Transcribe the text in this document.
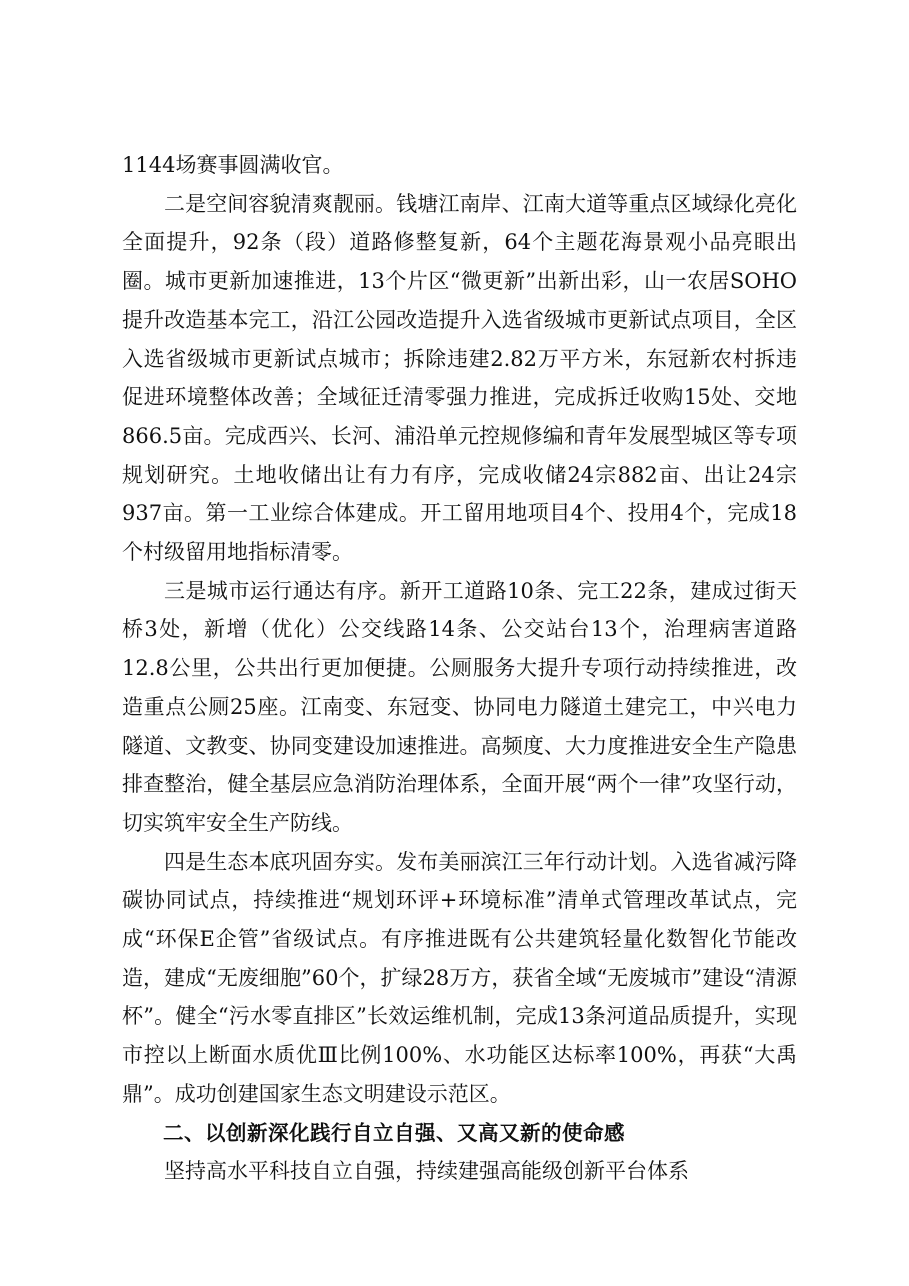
1144场赛事圆满收官。

二是空间容貌清爽靓丽。钱塘江南岸、江南大道等重点区域绿化亮化全面提升，92条（段）道路修整复新，64个主题花海景观小品亮眼出圈。城市更新加速推进，13个片区“微更新”出新出彩，山一农居SOHO提升改造基本完工，沿江公园改造提升入选省级城市更新试点项目，全区入选省级城市更新试点城市；拆除违建2.82万平方米，东冠新农村拆违促进环境整体改善；全域征迁清零强力推进，完成拆迁收购15处、交地866.5亩。完成西兴、长河、浦沿单元控规修编和青年发展型城区等专项规划研究。土地收储出让有力有序，完成收储24宗882亩、出让24宗937亩。第一工业综合体建成。开工留用地项目4个、投用4个，完成18个村级留用地指标清零。

三是城市运行通达有序。新开工道路10条、完工22条，建成过街天桥3处，新增（优化）公交线路14条、公交站台13个，治理病害道路12.8公里，公共出行更加便捷。公厕服务大提升专项行动持续推进，改造重点公厕25座。江南变、东冠变、协同电力隧道土建完工，中兴电力隧道、文教变、协同变建设加速推进。高频度、大力度推进安全生产隐患排查整治，健全基层应急消防治理体系，全面开展“两个一律”攻坚行动，切实筑牢安全生产防线。

四是生态本底巩固夯实。发布美丽滨江三年行动计划。入选省减污降碳协同试点，持续推进“规划环评+环境标准”清单式管理改革试点，完成“环保E企管”省级试点。有序推进既有公共建筑轻量化数智化节能改造，建成“无废细胞”60个，扩绿28万方，获省全域“无废城市”建设“清源杯”。健全“污水零直排区”长效运维机制，完成13条河道品质提升，实现市控以上断面水质优Ⅲ比例100%、水功能区达标率100%，再获“大禹鼎”。成功创建国家生态文明建设示范区。

二、以创新深化践行自立自强、又高又新的使命感

坚持高水平科技自立自强，持续建强高能级创新平台体系
